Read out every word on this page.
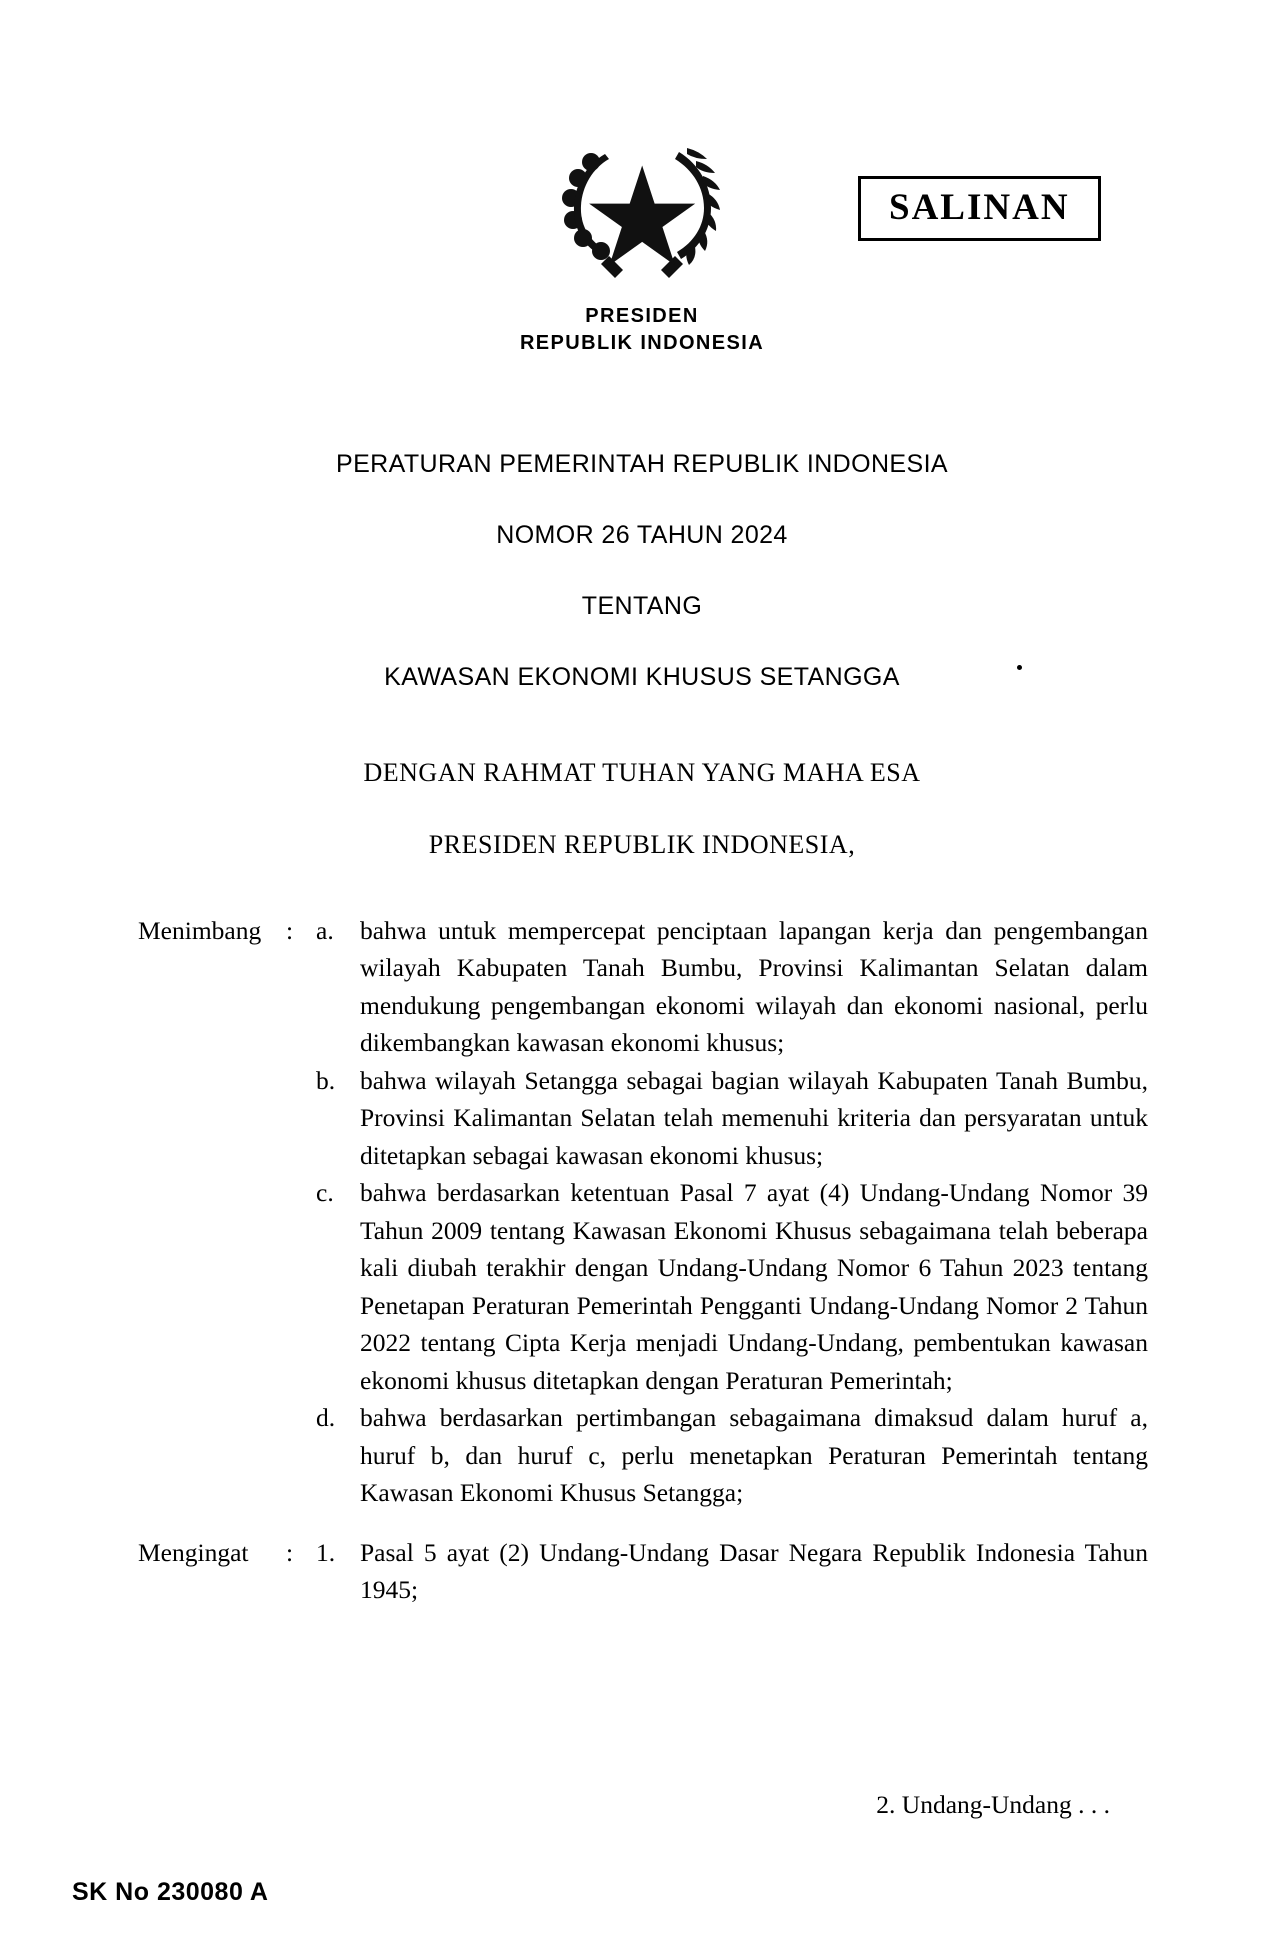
PRESIDEN
REPUBLIK INDONESIA
SALINAN
PERATURAN PEMERINTAH REPUBLIK INDONESIA
NOMOR 26 TAHUN 2024
TENTANG
KAWASAN EKONOMI KHUSUS SETANGGA
DENGAN RAHMAT TUHAN YANG MAHA ESA
PRESIDEN REPUBLIK INDONESIA,
Menimbang : a.	bahwa untuk mempercepat penciptaan lapangan kerja dan pengembangan wilayah Kabupaten Tanah Bumbu, Provinsi Kalimantan Selatan dalam mendukung pengembangan ekonomi wilayah dan ekonomi nasional, perlu dikembangkan kawasan ekonomi khusus;
b. bahwa wilayah Setangga sebagai bagian wilayah Kabupaten Tanah Bumbu, Provinsi Kalimantan Selatan telah memenuhi kriteria dan persyaratan untuk ditetapkan sebagai kawasan ekonomi khusus;
c.	bahwa berdasarkan ketentuan Pasal 7 ayat (4) Undang-Undang Nomor 39 Tahun 2009 tentang Kawasan Ekonomi Khusus sebagaimana telah beberapa kali diubah terakhir dengan Undang-Undang Nomor 6 Tahun 2023 tentang Penetapan Peraturan Pemerintah Pengganti Undang-Undang Nomor 2 Tahun 2022 tentang Cipta Kerja menjadi Undang-Undang, pembentukan kawasan ekonomi khusus ditetapkan dengan Peraturan Pemerintah;
d. bahwa berdasarkan pertimbangan sebagaimana dimaksud dalam huruf a, huruf b, dan huruf c, perlu menetapkan Peraturan Pemerintah tentang Kawasan Ekonomi Khusus Setangga;
Mengingat	: 1. Pasal 5 ayat (2) Undang-Undang Dasar Negara Republik Indonesia Tahun 1945;
2. Undang-Undang . . .
SK No 230080 A
